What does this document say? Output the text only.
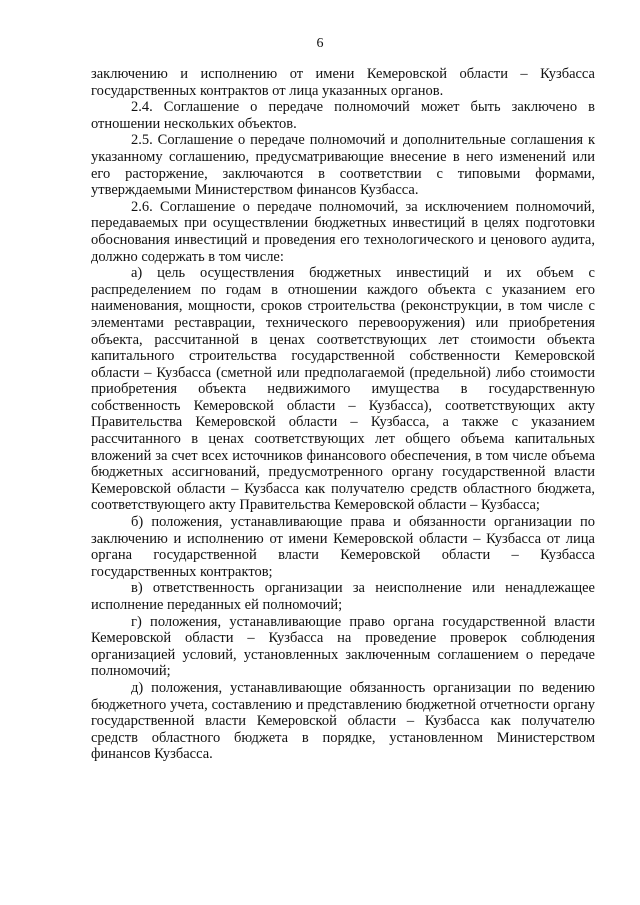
6

заключению и исполнению от имени Кемеровской области – Кузбасса государственных контрактов от лица указанных органов.

2.4. Соглашение о передаче полномочий может быть заключено в отношении нескольких объектов.

2.5. Соглашение о передаче полномочий и дополнительные соглашения к указанному соглашению, предусматривающие внесение в него изменений или его расторжение, заключаются в соответствии с типовыми формами, утверждаемыми Министерством финансов Кузбасса.

2.6. Соглашение о передаче полномочий, за исключением полномочий, передаваемых при осуществлении бюджетных инвестиций в целях подготовки обоснования инвестиций и проведения его технологического и ценового аудита, должно содержать в том числе:

а) цель осуществления бюджетных инвестиций и их объем с распределением по годам в отношении каждого объекта с указанием его наименования, мощности, сроков строительства (реконструкции, в том числе с элементами реставрации, технического перевооружения) или приобретения объекта, рассчитанной в ценах соответствующих лет стоимости объекта капитального строительства государственной собственности Кемеровской области – Кузбасса (сметной или предполагаемой (предельной) либо стоимости приобретения объекта недвижимого имущества в государственную собственность Кемеровской области – Кузбасса), соответствующих акту Правительства Кемеровской области – Кузбасса, а также с указанием рассчитанного в ценах соответствующих лет общего объема капитальных вложений за счет всех источников финансового обеспечения, в том числе объема бюджетных ассигнований, предусмотренного органу государственной власти Кемеровской области – Кузбасса как получателю средств областного бюджета, соответствующего акту Правительства Кемеровской области – Кузбасса;

б) положения, устанавливающие права и обязанности организации по заключению и исполнению от имени Кемеровской области – Кузбасса от лица органа государственной власти Кемеровской области – Кузбасса государственных контрактов;

в) ответственность организации за неисполнение или ненадлежащее исполнение переданных ей полномочий;

г) положения, устанавливающие право органа государственной власти Кемеровской области – Кузбасса на проведение проверок соблюдения организацией условий, установленных заключенным соглашением о передаче полномочий;

д) положения, устанавливающие обязанность организации по ведению бюджетного учета, составлению и представлению бюджетной отчетности органу государственной власти Кемеровской области – Кузбасса как получателю средств областного бюджета в порядке, установленном Министерством финансов Кузбасса.
